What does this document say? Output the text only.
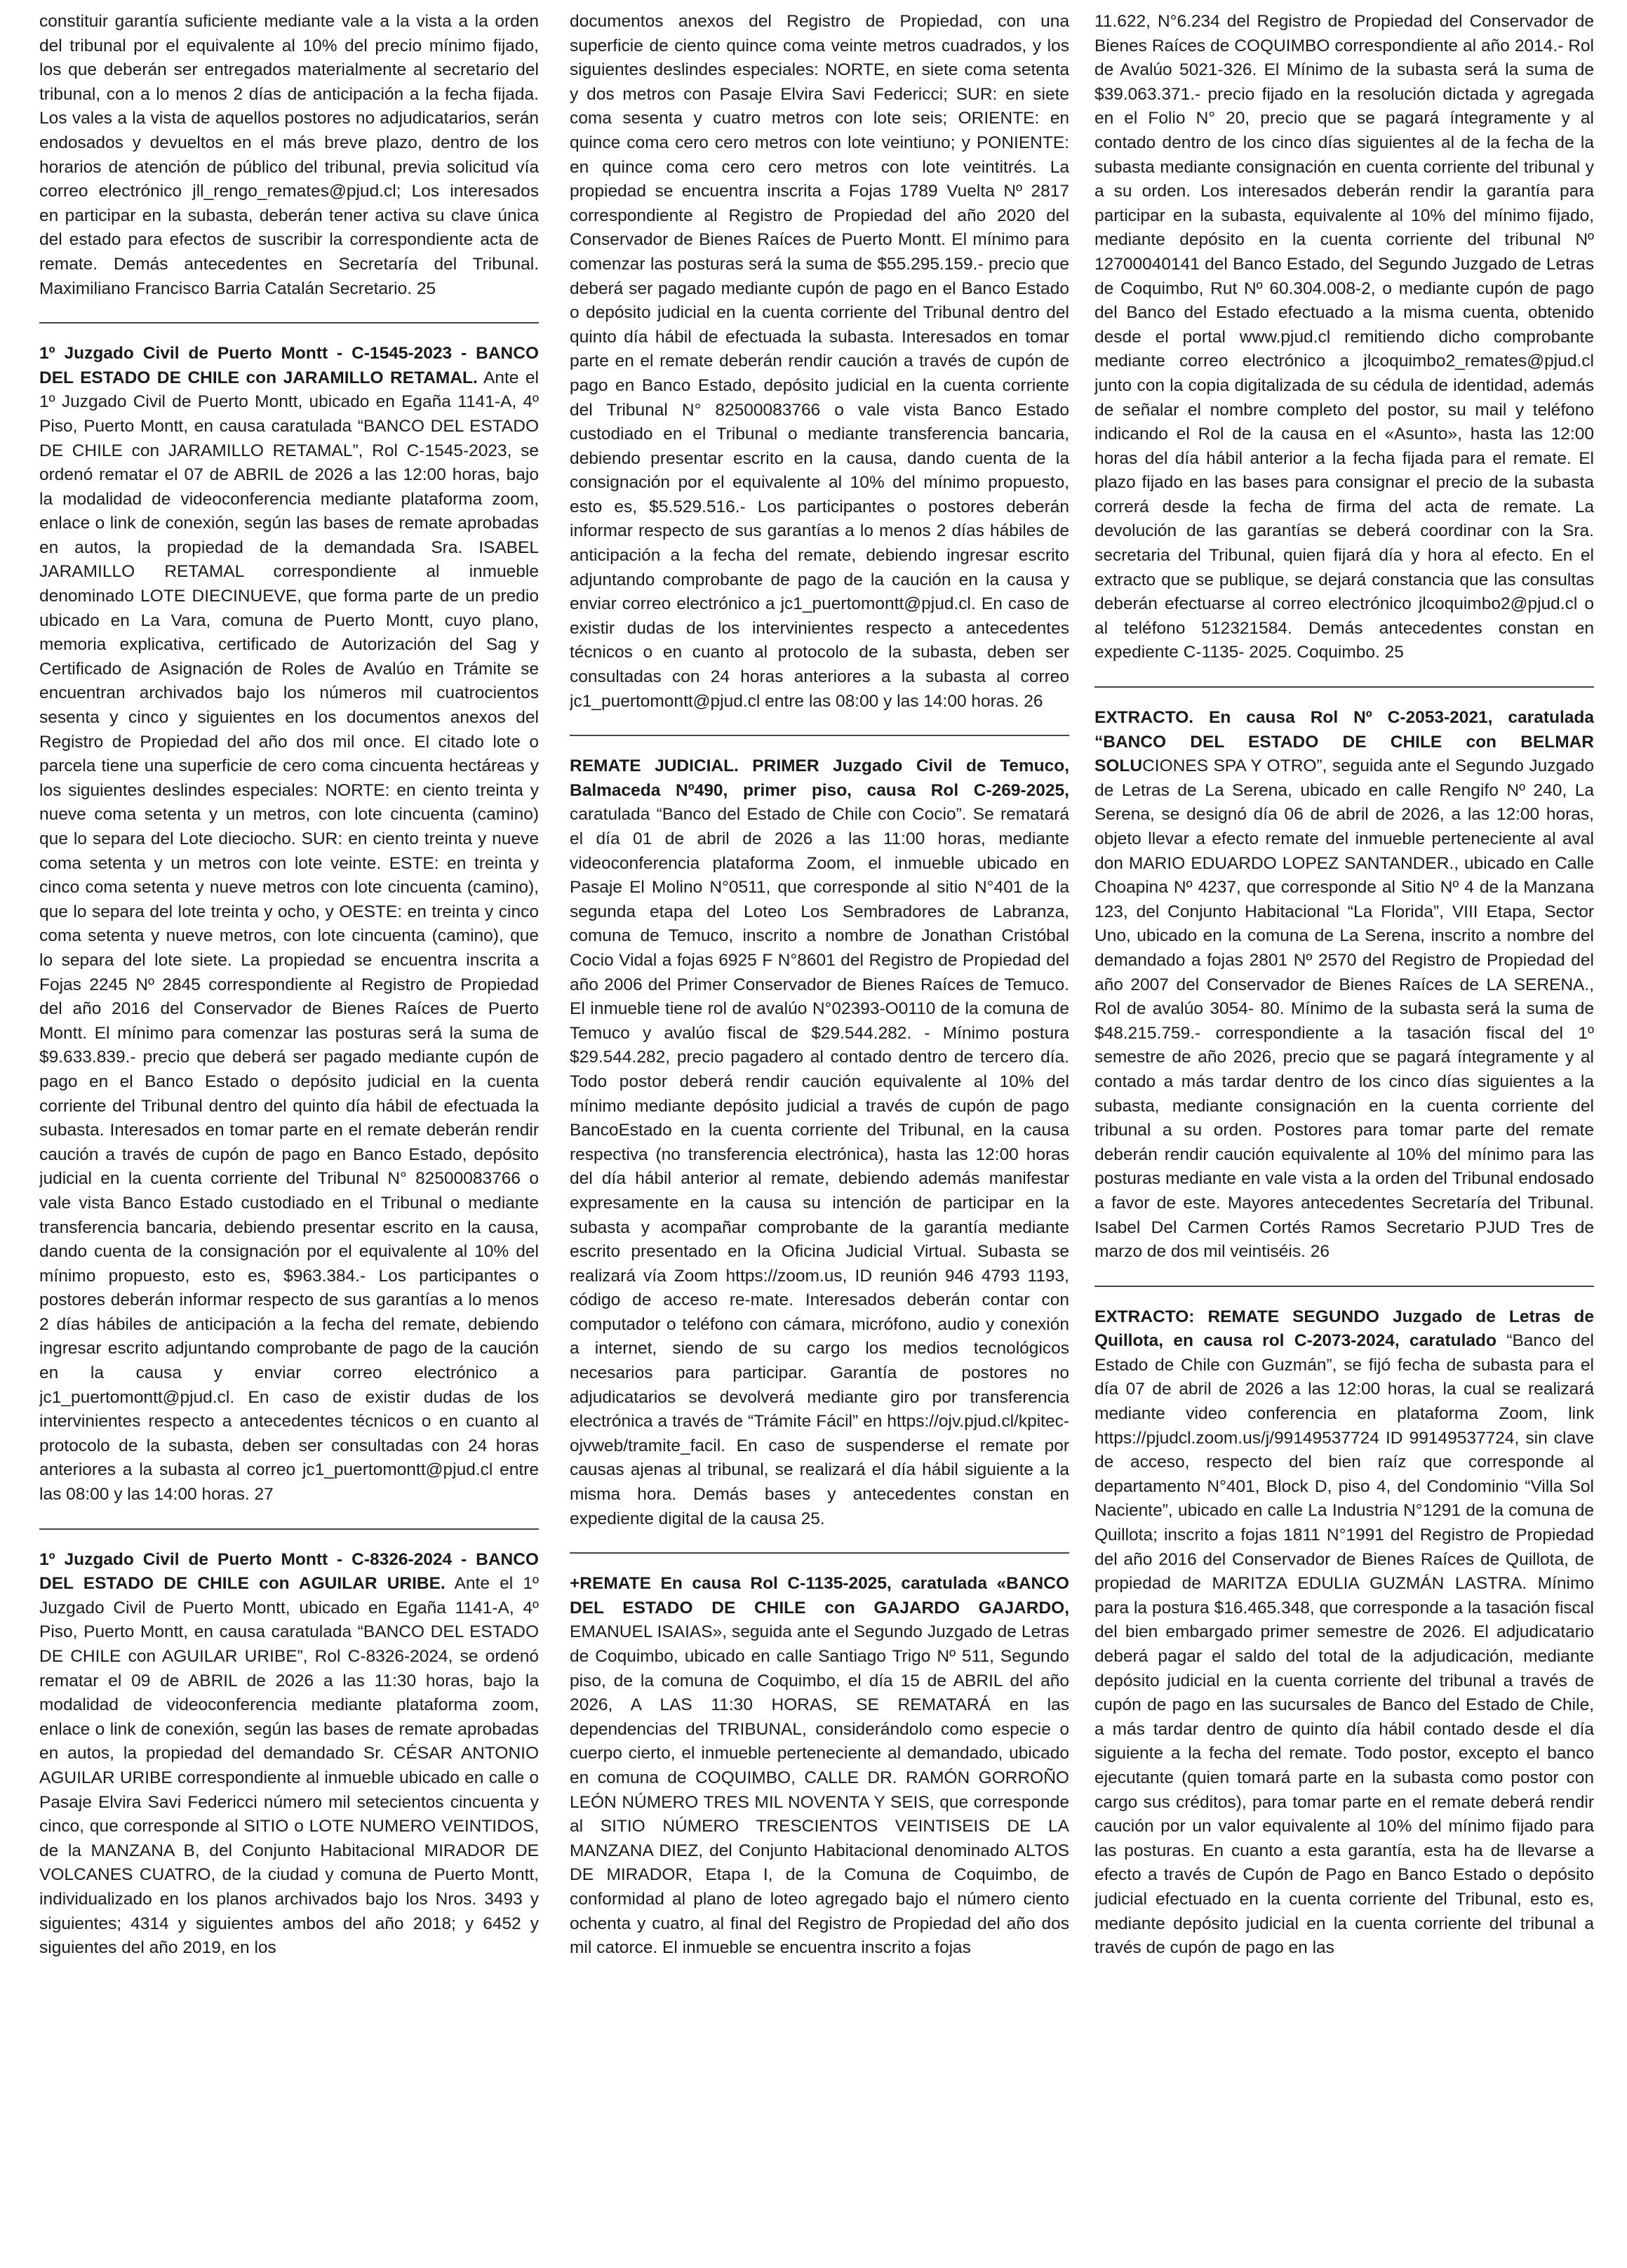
constituir garantía suficiente mediante vale a la vista a la orden del tribunal por el equivalente al 10% del precio mínimo fijado, los que deberán ser entregados materialmente al secretario del tribunal, con a lo menos 2 días de anticipación a la fecha fijada. Los vales a la vista de aquellos postores no adjudicatarios, serán endosados y devueltos en el más breve plazo, dentro de los horarios de atención de público del tribunal, previa solicitud vía correo electrónico jll_rengo_remates@pjud.cl; Los interesados en participar en la subasta, deberán tener activa su clave única del estado para efectos de suscribir la correspondiente acta de remate. Demás antecedentes en Secretaría del Tribunal. Maximiliano Francisco Barria Catalán Secretario. 25

1º Juzgado Civil de Puerto Montt - C-1545-2023 - BANCO DEL ESTADO DE CHILE con JARAMILLO RETAMAL. Ante el 1º Juzgado Civil de Puerto Montt, ubicado en Egaña 1141-A, 4º Piso, Puerto Montt, en causa caratulada “BANCO DEL ESTADO DE CHILE con JARAMILLO RETAMAL”, Rol C-1545-2023, se ordenó rematar el 07 de ABRIL de 2026 a las 12:00 horas, bajo la modalidad de videoconferencia mediante plataforma zoom, enlace o link de conexión, según las bases de remate aprobadas en autos, la propiedad de la demandada Sra. ISABEL JARAMILLO RETAMAL correspondiente al inmueble denominado LOTE DIECINUEVE, que forma parte de un predio ubicado en La Vara, comuna de Puerto Montt, cuyo plano, memoria explicativa, certificado de Autorización del Sag y Certificado de Asignación de Roles de Avalúo en Trámite se encuentran archivados bajo los números mil cuatrocientos sesenta y cinco y siguientes en los documentos anexos del Registro de Propiedad del año dos mil once. El citado lote o parcela tiene una superficie de cero coma cincuenta hectáreas y los siguientes deslindes especiales: NORTE: en ciento treinta y nueve coma setenta y un metros, con lote cincuenta (camino) que lo separa del Lote dieciocho. SUR: en ciento treinta y nueve coma setenta y un metros con lote veinte. ESTE: en treinta y cinco coma setenta y nueve metros con lote cincuenta (camino), que lo separa del lote treinta y ocho, y OESTE: en treinta y cinco coma setenta y nueve metros, con lote cincuenta (camino), que lo separa del lote siete. La propiedad se encuentra inscrita a Fojas 2245 Nº 2845 correspondiente al Registro de Propiedad del año 2016 del Conservador de Bienes Raíces de Puerto Montt. El mínimo para comenzar las posturas será la suma de $9.633.839.- precio que deberá ser pagado mediante cupón de pago en el Banco Estado o depósito judicial en la cuenta corriente del Tribunal dentro del quinto día hábil de efectuada la subasta. Interesados en tomar parte en el remate deberán rendir caución a través de cupón de pago en Banco Estado, depósito judicial en la cuenta corriente del Tribunal N° 82500083766 o vale vista Banco Estado custodiado en el Tribunal o mediante transferencia bancaria, debiendo presentar escrito en la causa, dando cuenta de la consignación por el equivalente al 10% del mínimo propuesto, esto es, $963.384.- Los participantes o postores deberán informar respecto de sus garantías a lo menos 2 días hábiles de anticipación a la fecha del remate, debiendo ingresar escrito adjuntando comprobante de pago de la caución en la causa y enviar correo electrónico a jc1_puertomontt@pjud.cl. En caso de existir dudas de los intervinientes respecto a antecedentes técnicos o en cuanto al protocolo de la subasta, deben ser consultadas con 24 horas anteriores a la subasta al correo jc1_puertomontt@pjud.cl entre las 08:00 y las 14:00 horas. 27

1º Juzgado Civil de Puerto Montt - C-8326-2024 - BANCO DEL ESTADO DE CHILE con AGUILAR URIBE. Ante el 1º Juzgado Civil de Puerto Montt, ubicado en Egaña 1141-A, 4º Piso, Puerto Montt, en causa caratulada “BANCO DEL ESTADO DE CHILE con AGUILAR URIBE”, Rol C-8326-2024, se ordenó rematar el 09 de ABRIL de 2026 a las 11:30 horas, bajo la modalidad de videoconferencia mediante plataforma zoom, enlace o link de conexión, según las bases de remate aprobadas en autos, la propiedad del demandado Sr. CÉSAR ANTONIO AGUILAR URIBE correspondiente al inmueble ubicado en calle o Pasaje Elvira Savi Federicci número mil setecientos cincuenta y cinco, que corresponde al SITIO o LOTE NUMERO VEINTIDOS, de la MANZANA B, del Conjunto Habitacional MIRADOR DE VOLCANES CUATRO, de la ciudad y comuna de Puerto Montt, individualizado en los planos archivados bajo los Nros. 3493 y siguientes; 4314 y siguientes ambos del año 2018; y 6452 y siguientes del año 2019, en los

documentos anexos del Registro de Propiedad, con una superficie de ciento quince coma veinte metros cuadrados, y los siguientes deslindes especiales: NORTE, en siete coma setenta y dos metros con Pasaje Elvira Savi Federicci; SUR: en siete coma sesenta y cuatro metros con lote seis; ORIENTE: en quince coma cero cero metros con lote veintiuno; y PONIENTE: en quince coma cero cero metros con lote veintitrés. La propiedad se encuentra inscrita a Fojas 1789 Vuelta Nº 2817 correspondiente al Registro de Propiedad del año 2020 del Conservador de Bienes Raíces de Puerto Montt. El mínimo para comenzar las posturas será la suma de $55.295.159.- precio que deberá ser pagado mediante cupón de pago en el Banco Estado o depósito judicial en la cuenta corriente del Tribunal dentro del quinto día hábil de efectuada la subasta. Interesados en tomar parte en el remate deberán rendir caución a través de cupón de pago en Banco Estado, depósito judicial en la cuenta corriente del Tribunal N° 82500083766 o vale vista Banco Estado custodiado en el Tribunal o mediante transferencia bancaria, debiendo presentar escrito en la causa, dando cuenta de la consignación por el equivalente al 10% del mínimo propuesto, esto es, $5.529.516.- Los participantes o postores deberán informar respecto de sus garantías a lo menos 2 días hábiles de anticipación a la fecha del remate, debiendo ingresar escrito adjuntando comprobante de pago de la caución en la causa y enviar correo electrónico a jc1_puertomontt@pjud.cl. En caso de existir dudas de los intervinientes respecto a antecedentes técnicos o en cuanto al protocolo de la subasta, deben ser consultadas con 24 horas anteriores a la subasta al correo jc1_puertomontt@pjud.cl entre las 08:00 y las 14:00 horas. 26

REMATE JUDICIAL. PRIMER Juzgado Civil de Temuco, Balmaceda Nº490, primer piso, causa Rol C-269-2025, caratulada “Banco del Estado de Chile con Cocio”. Se rematará el día 01 de abril de 2026 a las 11:00 horas, mediante videoconferencia plataforma Zoom, el inmueble ubicado en Pasaje El Molino N°0511, que corresponde al sitio N°401 de la segunda etapa del Loteo Los Sembradores de Labranza, comuna de Temuco, inscrito a nombre de Jonathan Cristóbal Cocio Vidal a fojas 6925 F N°8601 del Registro de Propiedad del año 2006 del Primer Conservador de Bienes Raíces de Temuco. El inmueble tiene rol de avalúo N°02393-O0110 de la comuna de Temuco y avalúo fiscal de $29.544.282. - Mínimo postura $29.544.282, precio pagadero al contado dentro de tercero día. Todo postor deberá rendir caución equivalente al 10% del mínimo mediante depósito judicial a través de cupón de pago BancoEstado en la cuenta corriente del Tribunal, en la causa respectiva (no transferencia electrónica), hasta las 12:00 horas del día hábil anterior al remate, debiendo además manifestar expresamente en la causa su intención de participar en la subasta y acompañar comprobante de la garantía mediante escrito presentado en la Oficina Judicial Virtual. Subasta se realizará vía Zoom https://zoom.us, ID reunión 946 4793 1193, código de acceso re-mate. Interesados deberán contar con computador o teléfono con cámara, micrófono, audio y conexión a internet, siendo de su cargo los medios tecnológicos necesarios para participar. Garantía de postores no adjudicatarios se devolverá mediante giro por transferencia electrónica a través de “Trámite Fácil” en https://ojv.pjud.cl/kpitec-ojvweb/tramite_facil. En caso de suspenderse el remate por causas ajenas al tribunal, se realizará el día hábil siguiente a la misma hora. Demás bases y antecedentes constan en expediente digital de la causa 25.

+REMATE En causa Rol C-1135-2025, caratulada «BANCO DEL ESTADO DE CHILE con GAJARDO GAJARDO, EMANUEL ISAIAS», seguida ante el Segundo Juzgado de Letras de Coquimbo, ubicado en calle Santiago Trigo Nº 511, Segundo piso, de la comuna de Coquimbo, el día 15 de ABRIL del año 2026, A LAS 11:30 HORAS, SE REMATARÁ en las dependencias del TRIBUNAL, considerándolo como especie o cuerpo cierto, el inmueble perteneciente al demandado, ubicado en comuna de COQUIMBO, CALLE DR. RAMÓN GORROÑO LEÓN NÚMERO TRES MIL NOVENTA Y SEIS, que corresponde al SITIO NÚMERO TRESCIENTOS VEINTISEIS DE LA MANZANA DIEZ, del Conjunto Habitacional denominado ALTOS DE MIRADOR, Etapa I, de la Comuna de Coquimbo, de conformidad al plano de loteo agregado bajo el número ciento ochenta y cuatro, al final del Registro de Propiedad del año dos mil catorce. El inmueble se encuentra inscrito a fojas

11.622, N°6.234 del Registro de Propiedad del Conservador de Bienes Raíces de COQUIMBO correspondiente al año 2014.- Rol de Avalúo 5021-326. El Mínimo de la subasta será la suma de $39.063.371.- precio fijado en la resolución dictada y agregada en el Folio N° 20, precio que se pagará íntegramente y al contado dentro de los cinco días siguientes al de la fecha de la subasta mediante consignación en cuenta corriente del tribunal y a su orden. Los interesados deberán rendir la garantía para participar en la subasta, equivalente al 10% del mínimo fijado, mediante depósito en la cuenta corriente del tribunal Nº 12700040141 del Banco Estado, del Segundo Juzgado de Letras de Coquimbo, Rut Nº 60.304.008-2, o mediante cupón de pago del Banco del Estado efectuado a la misma cuenta, obtenido desde el portal www.pjud.cl remitiendo dicho comprobante mediante correo electrónico a jlcoquimbo2_remates@pjud.cl junto con la copia digitalizada de su cédula de identidad, además de señalar el nombre completo del postor, su mail y teléfono indicando el Rol de la causa en el «Asunto», hasta las 12:00 horas del día hábil anterior a la fecha fijada para el remate. El plazo fijado en las bases para consignar el precio de la subasta correrá desde la fecha de firma del acta de remate. La devolución de las garantías se deberá coordinar con la Sra. secretaria del Tribunal, quien fijará día y hora al efecto. En el extracto que se publique, se dejará constancia que las consultas deberán efectuarse al correo electrónico jlcoquimbo2@pjud.cl o al teléfono 512321584. Demás antecedentes constan en expediente C-1135- 2025. Coquimbo. 25

EXTRACTO. En causa Rol Nº C-2053-2021, caratulada “BANCO DEL ESTADO DE CHILE con BELMAR SOLUCIONES SPA Y OTRO”, seguida ante el Segundo Juzgado de Letras de La Serena, ubicado en calle Rengifo Nº 240, La Serena, se designó día 06 de abril de 2026, a las 12:00 horas, objeto llevar a efecto remate del inmueble perteneciente al aval don MARIO EDUARDO LOPEZ SANTANDER., ubicado en Calle Choapina Nº 4237, que corresponde al Sitio Nº 4 de la Manzana 123, del Conjunto Habitacional “La Florida”, VIII Etapa, Sector Uno, ubicado en la comuna de La Serena, inscrito a nombre del demandado a fojas 2801 Nº 2570 del Registro de Propiedad del año 2007 del Conservador de Bienes Raíces de LA SERENA., Rol de avalúo 3054- 80. Mínimo de la subasta será la suma de $48.215.759.- correspondiente a la tasación fiscal del 1º semestre de año 2026, precio que se pagará íntegramente y al contado a más tardar dentro de los cinco días siguientes a la subasta, mediante consignación en la cuenta corriente del tribunal a su orden. Postores para tomar parte del remate deberán rendir caución equivalente al 10% del mínimo para las posturas mediante en vale vista a la orden del Tribunal endosado a favor de este. Mayores antecedentes Secretaría del Tribunal. Isabel Del Carmen Cortés Ramos Secretario PJUD Tres de marzo de dos mil veintiséis. 26

EXTRACTO: REMATE SEGUNDO Juzgado de Letras de Quillota, en causa rol C-2073-2024, caratulado “Banco del Estado de Chile con Guzmán”, se fijó fecha de subasta para el día 07 de abril de 2026 a las 12:00 horas, la cual se realizará mediante video conferencia en plataforma Zoom, link https://pjudcl.zoom.us/j/99149537724 ID 99149537724, sin clave de acceso, respecto del bien raíz que corresponde al departamento N°401, Block D, piso 4, del Condominio “Villa Sol Naciente”, ubicado en calle La Industria N°1291 de la comuna de Quillota; inscrito a fojas 1811 N°1991 del Registro de Propiedad del año 2016 del Conservador de Bienes Raíces de Quillota, de propiedad de MARITZA EDULIA GUZMÁN LASTRA. Mínimo para la postura $16.465.348, que corresponde a la tasación fiscal del bien embargado primer semestre de 2026. El adjudicatario deberá pagar el saldo del total de la adjudicación, mediante depósito judicial en la cuenta corriente del tribunal a través de cupón de pago en las sucursales de Banco del Estado de Chile, a más tardar dentro de quinto día hábil contado desde el día siguiente a la fecha del remate. Todo postor, excepto el banco ejecutante (quien tomará parte en la subasta como postor con cargo sus créditos), para tomar parte en el remate deberá rendir caución por un valor equivalente al 10% del mínimo fijado para las posturas. En cuanto a esta garantía, esta ha de llevarse a efecto a través de Cupón de Pago en Banco Estado o depósito judicial efectuado en la cuenta corriente del Tribunal, esto es, mediante depósito judicial en la cuenta corriente del tribunal a través de cupón de pago en las
